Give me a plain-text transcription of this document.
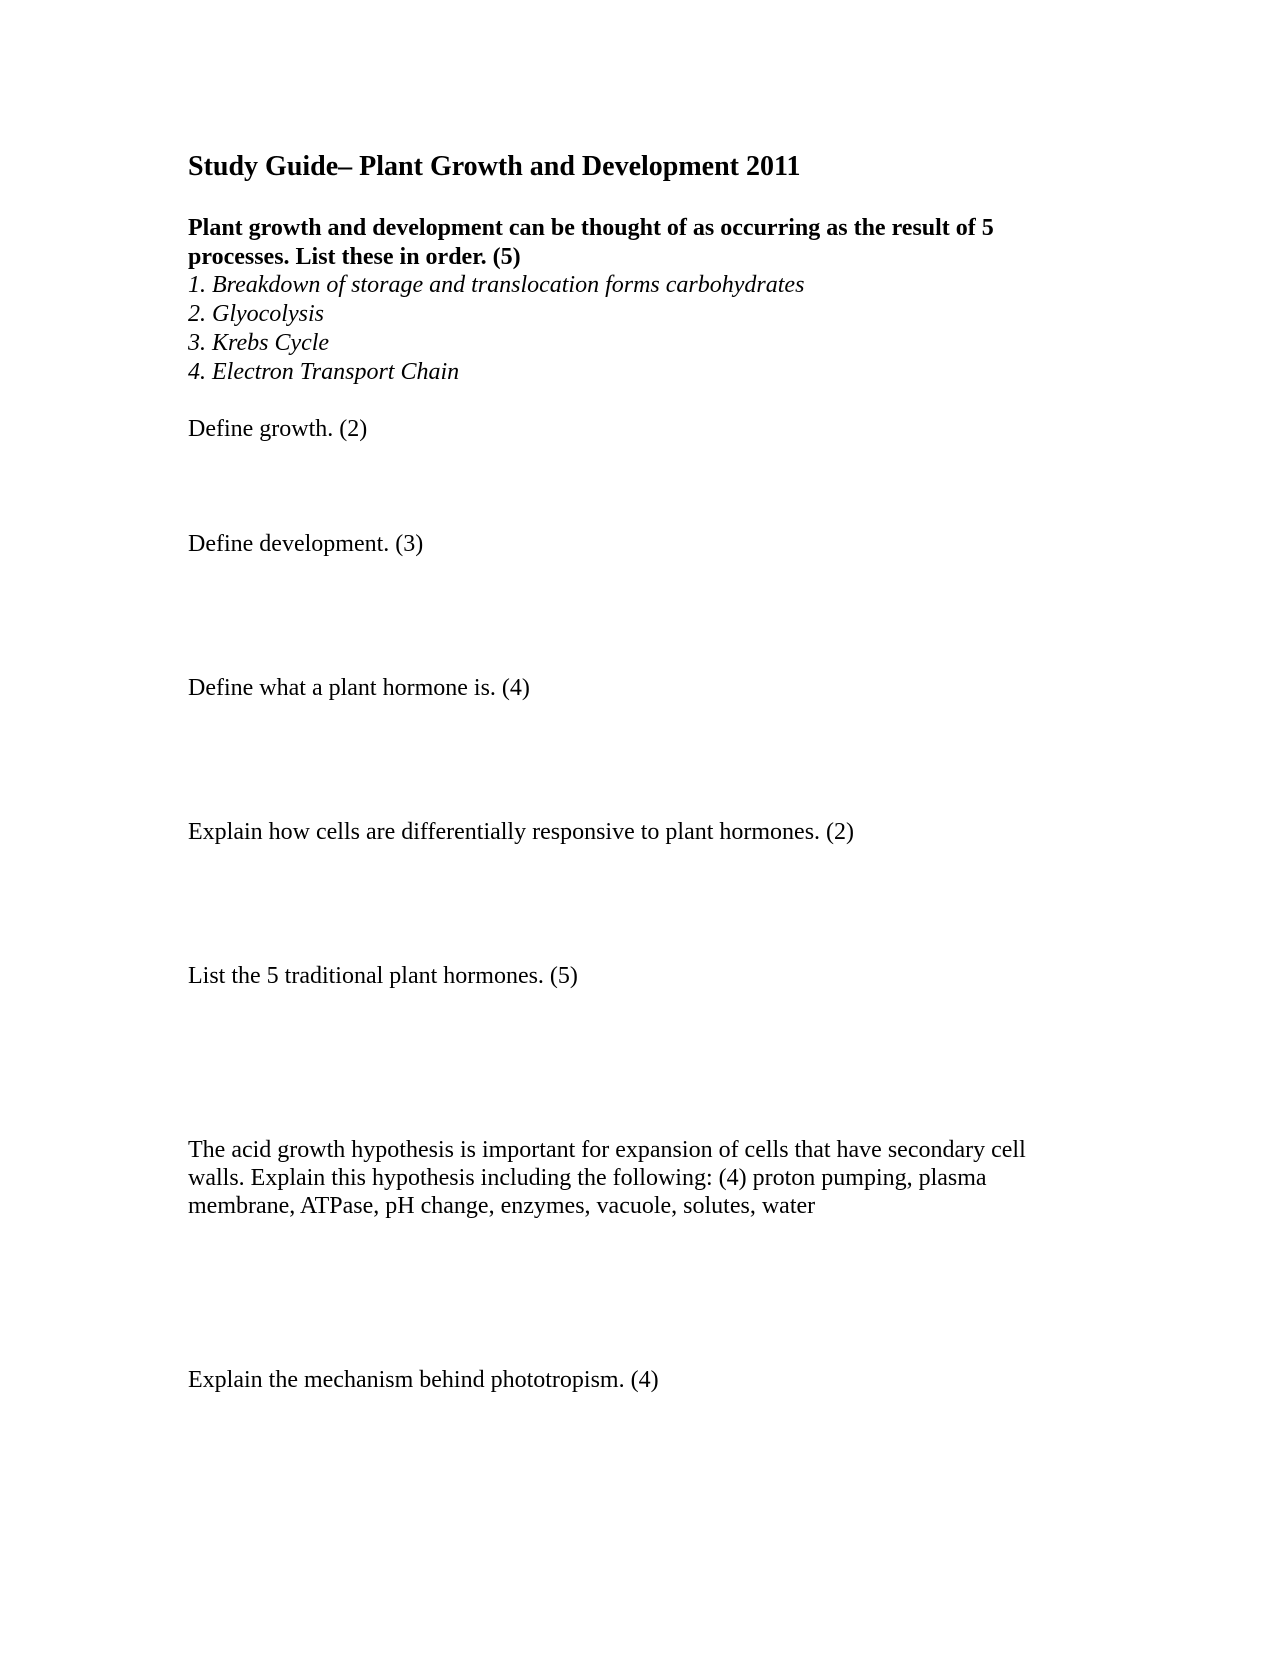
Study Guide– Plant Growth and Development 2011
Plant growth and development can be thought of as occurring as the result of 5
processes. List these in order. (5)
1. Breakdown of storage and translocation forms carbohydrates
2. Glyocolysis
3. Krebs Cycle
4. Electron Transport Chain
Define growth. (2)
Define development. (3)
Define what a plant hormone is. (4)
Explain how cells are differentially responsive to plant hormones. (2)
List the 5 traditional plant hormones. (5)
The acid growth hypothesis is important for expansion of cells that have secondary cell
walls. Explain this hypothesis including the following: (4) proton pumping, plasma
membrane, ATPase, pH change, enzymes, vacuole, solutes, water
Explain the mechanism behind phototropism. (4)
